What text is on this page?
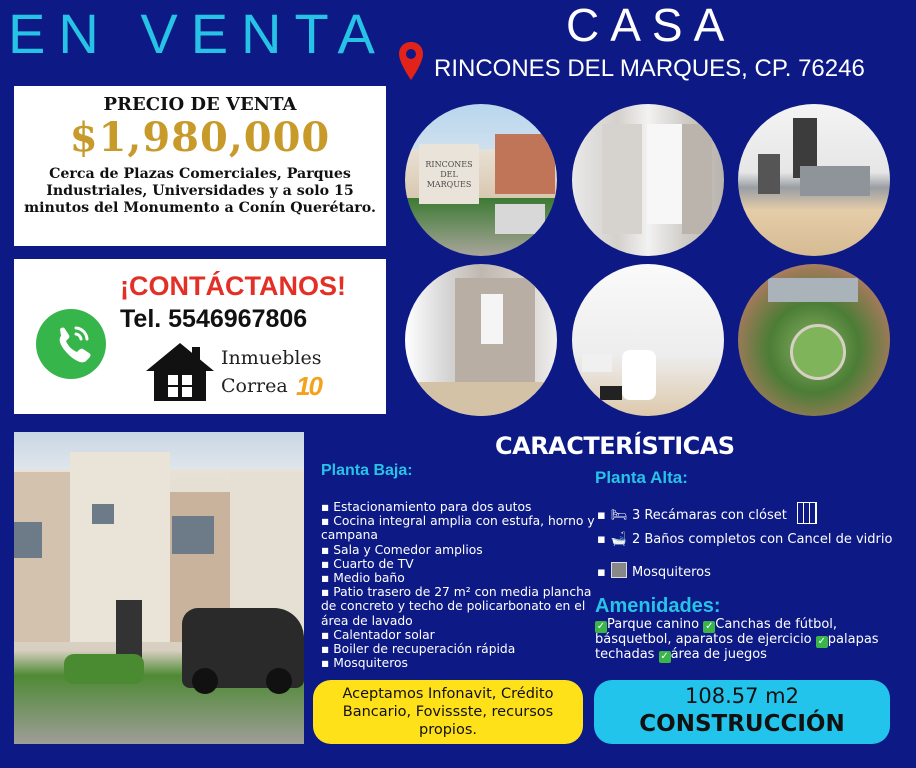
EN VENTA	CASA
RINCONES DEL MARQUES, CP. 76246
PRECIO DE VENTA
$1,980,000
Cerca de Plazas Comerciales, Parques Industriales, Universidades y a solo 15 minutos del Monumento a Conín Querétaro.
¡CONTÁCTANOS!
Tel. 5546967806
Inmuebles
Correa 10
RINCONES DEL MARQUES
CARACTERÍSTICAS
Planta Baja:	Planta Alta:
▪ Estacionamiento para dos autos
▪ Cocina integral amplia con estufa, horno y campana
▪ Sala y Comedor amplios
▪ Cuarto de TV
▪ Medio baño
▪ Patio trasero de 27 m² con media plancha de concreto y techo de policarbonato en el área de lavado
▪ Calentador solar
▪ Boiler de recuperación rápida
▪ Mosquiteros
▪ 🛏 3 Recámaras con clóset
▪ 🛁 2 Baños completos con Cancel de vidrio
▪ Mosquiteros
Amenidades:
✓ Parque canino ✓ Canchas de fútbol, básquetbol, aparatos de ejercicio ✓ palapas techadas ✓ área de juegos
Aceptamos Infonavit, Crédito Bancario, Fovissste, recursos propios.
108.57 m2
CONSTRUCCIÓN
